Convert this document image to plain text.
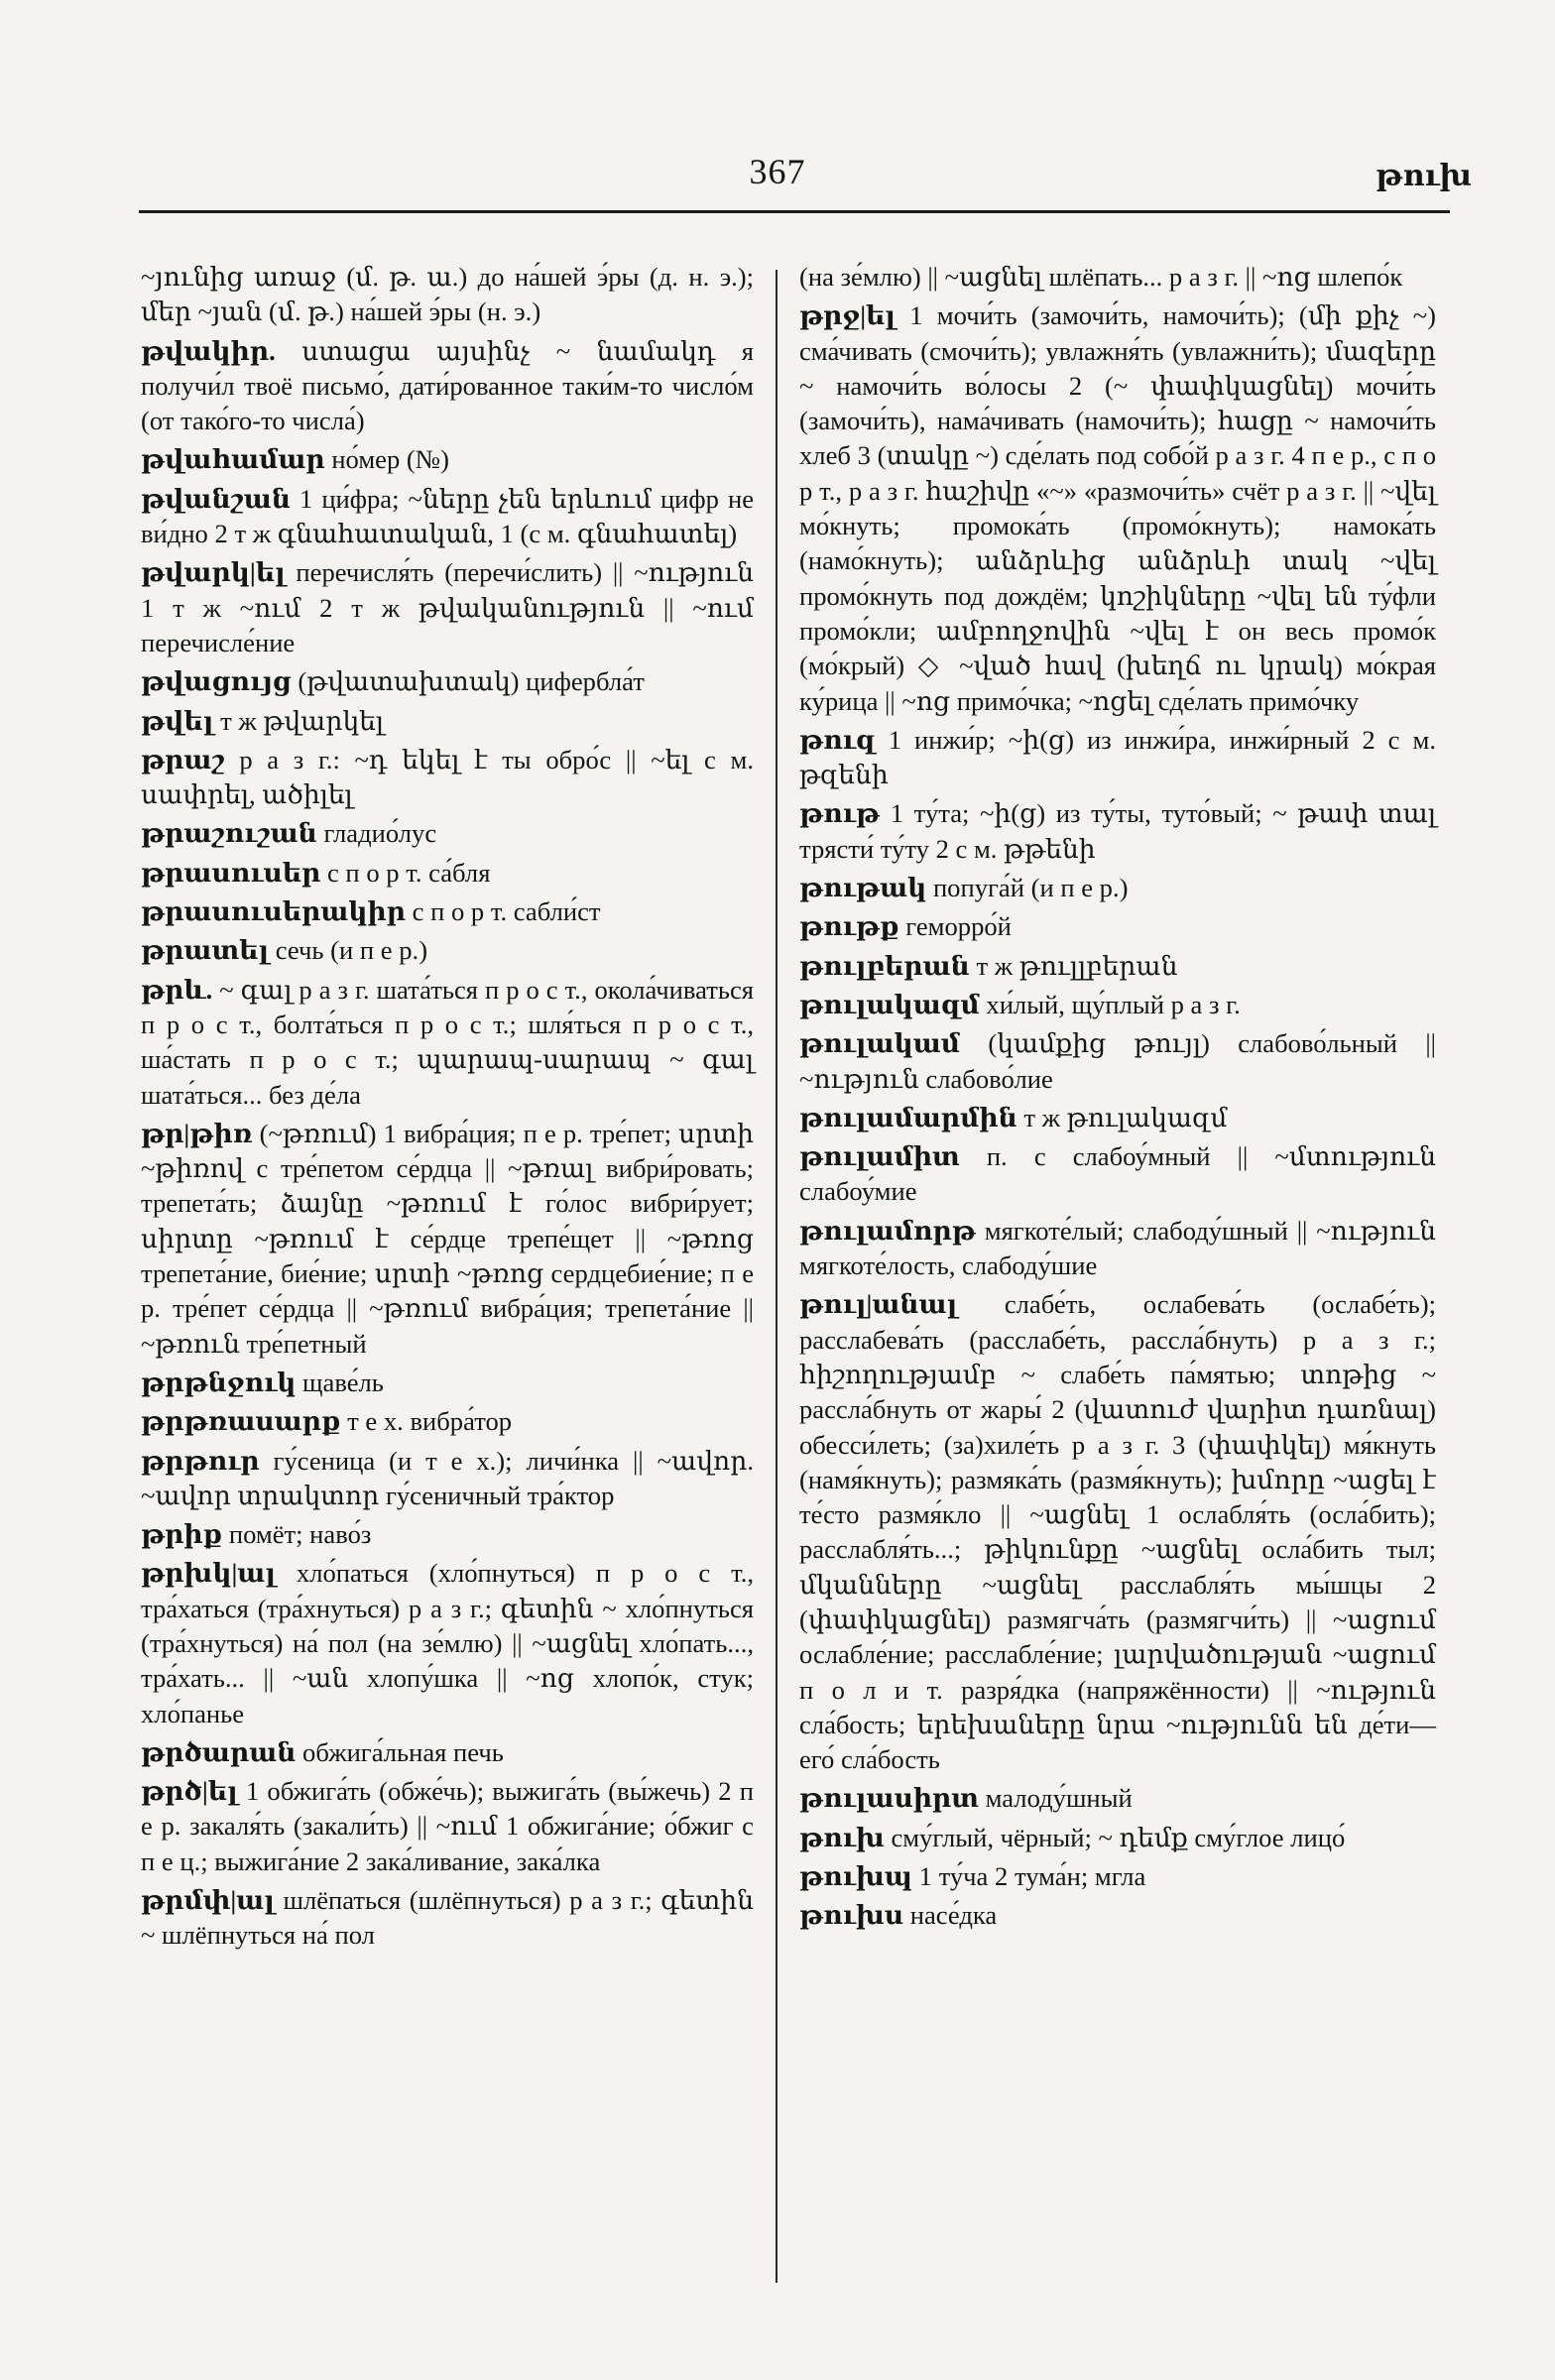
367	թուխ
~յունից առաջ (մ. թ. ա.) до на́шей э́ры (д. н. э.); մեր ~յան (մ. թ.) на́шей э́ры (н. э.)
թվակիր. ստացա այսինչ ~ նամակդ я получи́л твоё письмо́, дати́рованное таки́м-то число́м (от тако́го-то числа́)
թվահամար но́мер (№)
թվանշան 1 ци́фра; ~ները չեն երևում цифр не ви́дно 2 т ж գնահատական, 1 (с м. գնահատել)
թվարկ|ել перечисля́ть (перечи́слить) || ~ություն 1 т ж ~ում 2 т ж թվականություն || ~ում перечисле́ние
թվացույց (թվատախտակ) цифербла́т
թվել т ж թվարկել
թրաշ р а з г.: ~դ եկել է ты обро́с || ~ել с м. սափրել, ածիլել
թրաշուշան гладио́лус
թրասուսեր с п о р т. са́бля
թրասուսերակիր с п о р т. сабли́ст
թրատել сечь (и п е р.)
թրև. ~ գալ р а з г. шата́ться п р о с т., окола́чиваться п р о с т., болта́ться п р о с т.; шля́ться п р о с т., ша́стать п р о с т.; պարապ-սարապ ~ գալ шата́ться... без де́ла
թր|թիռ (~թռում) 1 вибра́ция; п е р. тре́пет; սրտի ~թիռով с тре́петом се́рдца || ~թռալ вибри́ровать; трепета́ть; ձայնը ~թռում է го́лос вибри́рует; սիրտը ~թռում է се́рдце трепе́щет || ~թռոց трепета́ние, бие́ние; սրտի ~թռոց сердцебие́ние; п е р. тре́пет се́рдца || ~թռում вибра́ция; трепета́ние || ~թռուն тре́петный
թրթնջուկ щаве́ль
թրթռասարք т е х. вибра́тор
թրթուր гу́сеница (и т е х.); личи́нка || ~ավոր. ~ավոր տրակտոր гу́сеничный тра́ктор
թրիք помёт; наво́з
թրխկ|ալ хло́паться (хло́пнуться) п р о с т., тра́хаться (тра́хнуться) р а з г.; գետին ~ хло́пнуться (тра́хнуться) на́ пол (на зе́млю) || ~ացնել хло́пать..., тра́хать... || ~ան хлопу́шка || ~ոց хлопо́к, стук; хло́панье
թրծարան обжига́льная печь
թրծ|ել 1 обжига́ть (обже́чь); выжига́ть (вы́жечь) 2 п е р. закаля́ть (закали́ть) || ~ում 1 обжига́ние; о́бжиг с п е ц.; выжига́ние 2 зака́ливание, зака́лка
թրմփ|ալ шлёпаться (шлёпнуться) р а з г.; գետին ~ шлёпнуться на́ пол
(на зе́млю) || ~ացնել шлёпать... р а з г. || ~ոց шлепо́к
թրջ|ել 1 мочи́ть (замочи́ть, намочи́ть); (մի քիչ ~) сма́чивать (смочи́ть); увлажня́ть (увлажни́ть); մազերը ~ намочи́ть во́лосы 2 (~ փափկացնել) мочи́ть (замочи́ть), нама́чивать (намочи́ть); հացը ~ намочи́ть хлеб 3 (տակը ~) сде́лать под собо́й р а з г. 4 п е р., с п о р т., р а з г. հաշիվը «~» «размочи́ть» счёт р а з г. || ~վել мо́кнуть; промока́ть (промо́кнуть); намока́ть (намо́кнуть); անձրևից անձրևի տակ ~վել промо́кнуть под дождём; կոշիկները ~վել են ту́фли промо́кли; ամբողջովին ~վել է он весь промо́к (мо́крый) ◇ ~ված հավ (խեղճ ու կրակ) мо́края ку́рица || ~ոց примо́чка; ~ոցել сде́лать примо́чку
թուզ 1 инжи́р; ~ի(ց) из инжи́ра, инжи́рный 2 с м. թզենի
թութ 1 ту́та; ~ի(ց) из ту́ты, туто́вый; ~ թափ տալ трясти́ ту́ту 2 с м. թթենի
թութակ попуга́й (и п е р.)
թութք геморро́й
թուլբերան т ж թուլլբերան
թուլակազմ хи́лый, щу́плый р а з г.
թուլակամ (կամքից թույլ) слабово́льный || ~ություն слабово́лие
թուլամարմին т ж թուլակազմ
թուլամիտ п. с слабоу́мный || ~մտություն слабоу́мие
թուլամորթ мягкоте́лый; слабоду́шный || ~ություն мягкоте́лость, слабоду́шие
թուլ|անալ слабе́ть, ослабева́ть (ослабе́ть); расслабева́ть (расслабе́ть, рассла́бнуть) р а з г.; հիշողությամբ ~ слабе́ть па́мятью; տոթից ~ рассла́бнуть от жары́ 2 (վատուժ վարիտ դառնալ) обесси́леть; (за)хиле́ть р а з г. 3 (փափկել) мя́кнуть (намя́кнуть); размяка́ть (размя́кнуть); խմորը ~ացել է те́сто размя́кло || ~ացնել 1 ослабля́ть (осла́бить); расслабля́ть...; թիկունքը ~ացնել осла́бить тыл; մկանները ~ացնել расслабля́ть мы́шцы 2 (փափկացնել) размягча́ть (размягчи́ть) || ~ացում ослабле́ние; расслабле́ние; լարվածության ~ացում п о л и т. разря́дка (напряжённости) || ~ություն сла́бость; երեխաները նրա ~ությունն են де́ти—его́ сла́бость
թուլասիրտ малоду́шный
թուխ сму́глый, чёрный; ~ դեմք сму́глое лицо́
թուխպ 1 ту́ча 2 тума́н; мгла
թուխս насе́дка
